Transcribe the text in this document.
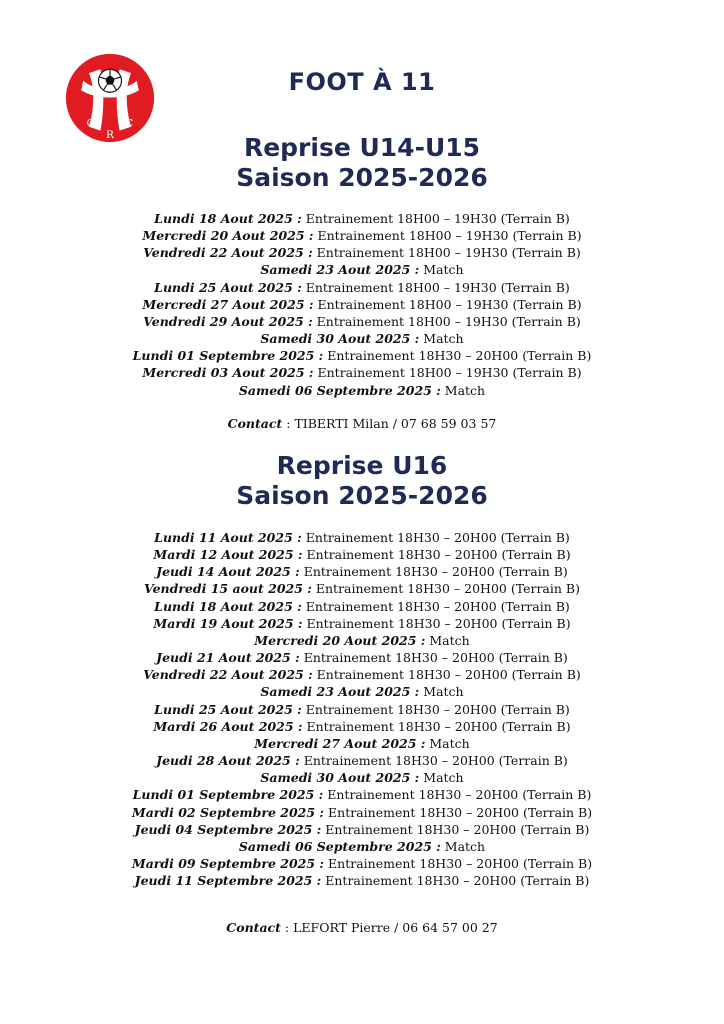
O
R
C
FOOT À 11
Reprise U14-U15
Saison 2025-2026
Lundi 18 Aout 2025 : Entrainement 18H00 – 19H30 (Terrain B)
Mercredi 20 Aout 2025 : Entrainement 18H00 – 19H30 (Terrain B)
Vendredi 22 Aout 2025 : Entrainement 18H00 – 19H30 (Terrain B)
Samedi 23 Aout 2025 : Match
Lundi 25 Aout 2025 : Entrainement 18H00 – 19H30 (Terrain B)
Mercredi 27 Aout 2025 : Entrainement 18H00 – 19H30 (Terrain B)
Vendredi 29 Aout 2025 : Entrainement 18H00 – 19H30 (Terrain B)
Samedi 30 Aout 2025 : Match
Lundi 01 Septembre 2025 : Entrainement 18H30 – 20H00 (Terrain B)
Mercredi 03 Aout 2025 : Entrainement 18H00 – 19H30 (Terrain B)
Samedi 06 Septembre 2025 : Match
Contact : TIBERTI Milan / 07 68 59 03 57
Reprise U16
Saison 2025-2026
Lundi 11 Aout 2025 : Entrainement 18H30 – 20H00 (Terrain B)
Mardi 12 Aout 2025 : Entrainement 18H30 – 20H00 (Terrain B)
Jeudi 14 Aout 2025 : Entrainement 18H30 – 20H00 (Terrain B)
Vendredi 15 aout 2025 : Entrainement 18H30 – 20H00 (Terrain B)
Lundi 18 Aout 2025 : Entrainement 18H30 – 20H00 (Terrain B)
Mardi 19 Aout 2025 : Entrainement 18H30 – 20H00 (Terrain B)
Mercredi 20 Aout 2025 : Match
Jeudi 21 Aout 2025 : Entrainement 18H30 – 20H00 (Terrain B)
Vendredi 22 Aout 2025 : Entrainement 18H30 – 20H00 (Terrain B)
Samedi 23 Aout 2025 : Match
Lundi 25 Aout 2025 : Entrainement 18H30 – 20H00 (Terrain B)
Mardi 26 Aout 2025 : Entrainement 18H30 – 20H00 (Terrain B)
Mercredi 27 Aout 2025 : Match
Jeudi 28 Aout 2025 : Entrainement 18H30 – 20H00 (Terrain B)
Samedi 30 Aout 2025 : Match
Lundi 01 Septembre 2025 : Entrainement 18H30 – 20H00 (Terrain B)
Mardi 02 Septembre 2025 : Entrainement 18H30 – 20H00 (Terrain B)
Jeudi 04 Septembre 2025 : Entrainement 18H30 – 20H00 (Terrain B)
Samedi 06 Septembre 2025 : Match
Mardi 09 Septembre 2025 : Entrainement 18H30 – 20H00 (Terrain B)
Jeudi 11 Septembre 2025 : Entrainement 18H30 – 20H00 (Terrain B)
Contact : LEFORT Pierre / 06 64 57 00 27
